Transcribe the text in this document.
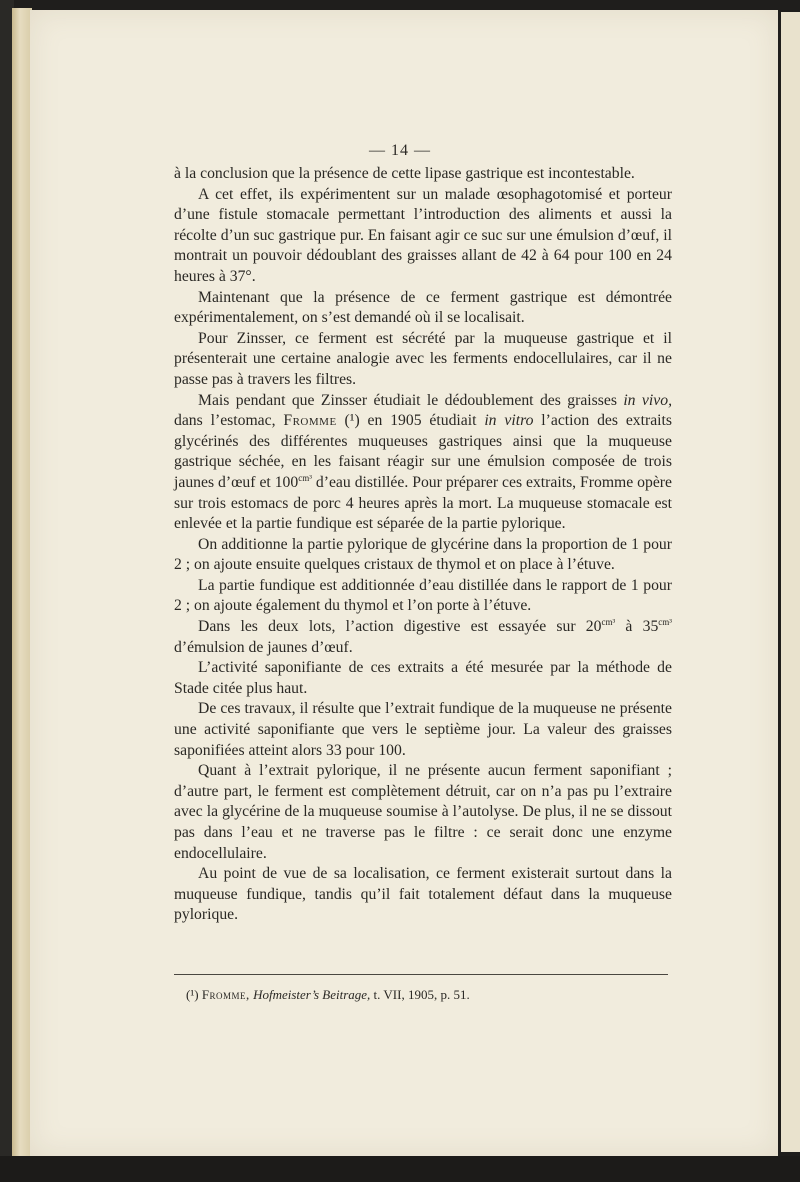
— 14 —

à la conclusion que la présence de cette lipase gastrique est incontestable.

A cet effet, ils expérimentent sur un malade œsophagotomisé et porteur d’une fistule stomacale permettant l’introduction des aliments et aussi la récolte d’un suc gastrique pur. En faisant agir ce suc sur une émulsion d’œuf, il montrait un pouvoir dédoublant des graisses allant de 42 à 64 pour 100 en 24 heures à 37°.

Maintenant que la présence de ce ferment gastrique est démontrée expérimentalement, on s’est demandé où il se localisait.

Pour Zinsser, ce ferment est sécrété par la muqueuse gastrique et il présenterait une certaine analogie avec les ferments endocellulaires, car il ne passe pas à travers les filtres.

Mais pendant que Zinsser étudiait le dédoublement des graisses in vivo, dans l’estomac, Fromme (¹) en 1905 étudiait in vitro l’action des extraits glycérinés des différentes muqueuses gastriques ainsi que la muqueuse gastrique séchée, en les faisant réagir sur une émulsion composée de trois jaunes d’œuf et $100^{cm^3}$ d’eau distillée. Pour préparer ces extraits, Fromme opère sur trois estomacs de porc 4 heures après la mort. La muqueuse stomacale est enlevée et la partie fundique est séparée de la partie pylorique.

On additionne la partie pylorique de glycérine dans la proportion de 1 pour 2 ; on ajoute ensuite quelques cristaux de thymol et on place à l’étuve.

La partie fundique est additionnée d’eau distillée dans le rapport de 1 pour 2 ; on ajoute également du thymol et l’on porte à l’étuve.

Dans les deux lots, l’action digestive est essayée sur $20^{cm^3}$ à $35^{cm^3}$ d’émulsion de jaunes d’œuf.

L’activité saponifiante de ces extraits a été mesurée par la méthode de Stade citée plus haut.

De ces travaux, il résulte que l’extrait fundique de la muqueuse ne présente une activité saponifiante que vers le septième jour. La valeur des graisses saponifiées atteint alors 33 pour 100.

Quant à l’extrait pylorique, il ne présente aucun ferment saponifiant ; d’autre part, le ferment est complètement détruit, car on n’a pas pu l’extraire avec la glycérine de la muqueuse soumise à l’autolyse. De plus, il ne se dissout pas dans l’eau et ne traverse pas le filtre : ce serait donc une enzyme endocellulaire.

Au point de vue de sa localisation, ce ferment existerait surtout dans la muqueuse fundique, tandis qu’il fait totalement défaut dans la muqueuse pylorique.

(¹) Fromme, Hofmeister’s Beitrage, t. VII, 1905, p. 51.
